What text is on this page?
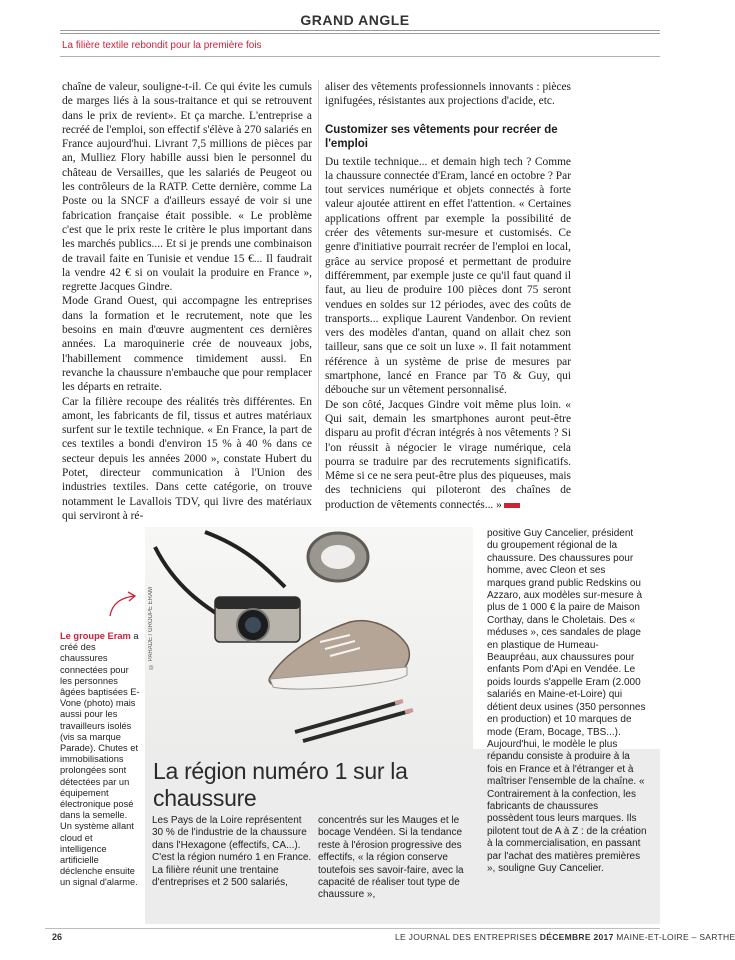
GRAND ANGLE
La filière textile rebondit pour la première fois

chaîne de valeur, souligne-t-il. Ce qui évite les cumuls de marges liés à la sous-traitance et qui se retrouvent dans le prix de revient». Et ça marche. L'entreprise a recréé de l'emploi, son effectif s'élève à 270 salariés en France aujourd'hui. Livrant 7,5 millions de pièces par an, Mulliez Flory habille aussi bien le personnel du château de Versailles, que les salariés de Peugeot ou les contrôleurs de la RATP. Cette dernière, comme La Poste ou la SNCF a d'ailleurs essayé de voir si une fabrication française était possible. « Le problème c'est que le prix reste le critère le plus important dans les marchés publics.... Et si je prends une combinaison de travail faite en Tunisie et vendue 15 €... Il faudrait la vendre 42 € si on voulait la produire en France », regrette Jacques Gindre.

Mode Grand Ouest, qui accompagne les entreprises dans la formation et le recrutement, note que les besoins en main d'œuvre augmentent ces dernières années. La maroquinerie crée de nouveaux jobs, l'habillement commence timidement aussi. En revanche la chaussure n'embauche que pour remplacer les départs en retraite.

Car la filière recoupe des réalités très différentes. En amont, les fabricants de fil, tissus et autres matériaux surfent sur le textile technique. « En France, la part de ces textiles a bondi d'environ 15 % à 40 % dans ce secteur depuis les années 2000 », constate Hubert du Potet, directeur communication à l'Union des industries textiles. Dans cette catégorie, on trouve notamment le Lavallois TDV, qui livre des matériaux qui serviront à ré-

aliser des vêtements professionnels innovants : pièces ignifugées, résistantes aux projections d'acide, etc.

Customizer ses vêtements pour recréer de l'emploi

Du textile technique... et demain high tech ? Comme la chaussure connectée d'Eram, lancé en octobre ? Par tout services numérique et objets connectés à forte valeur ajoutée attirent en effet l'attention. « Certaines applications offrent par exemple la possibilité de créer des vêtements sur-mesure et customisés. Ce genre d'initiative pourrait recréer de l'emploi en local, grâce au service proposé et permettant de produire différemment, par exemple juste ce qu'il faut quand il faut, au lieu de produire 100 pièces dont 75 seront vendues en soldes sur 12 périodes, avec des coûts de transports... explique Laurent Vandenbor. On revient vers des modèles d'antan, quand on allait chez son tailleur, sans que ce soit un luxe ». Il fait notamment référence à un système de prise de mesures par smartphone, lancé en France par Tō & Guy, qui débouche sur un vêtement personnalisé.

De son côté, Jacques Gindre voit même plus loin. « Qui sait, demain les smartphones auront peut-être disparu au profit d'écran intégrés à nos vêtements ? Si l'on réussit à négocier le virage numérique, cela pourra se traduire par des recrutements significatifs. Même si ce ne sera peut-être plus des piqueuses, mais des techniciens qui piloteront des chaînes de production de vêtements connectés... »

© PARADE / GROUPE ERAM
Le groupe Eram a créé des chaussures connectées pour les personnes âgées baptisées E-Vone (photo) mais aussi pour les travailleurs isolés (vis sa marque Parade). Chutes et immobilisations prolongées sont détectées par un équipement électronique posé dans la semelle. Un système allant cloud et intelligence artificielle déclenche ensuite un signal d'alarme.
La région numéro 1 sur la chaussure

Les Pays de la Loire représentent 30 % de l'industrie de la chaussure dans l'Hexagone (effectifs, CA...). C'est la région numéro 1 en France. La filière réunit une trentaine d'entreprises et 2 500 salariés,

concentrés sur les Mauges et le bocage Vendéen. Si la tendance reste à l'érosion progressive des effectifs, « la région conserve toutefois ses savoir-faire, avec la capacité de réaliser tout type de chaussure »,

positive Guy Cancelier, président du groupement régional de la chaussure. Des chaussures pour homme, avec Cleon et ses marques grand public Redskins ou Azzaro, aux modèles sur-mesure à plus de 1 000 € la paire de Maison Corthay, dans le Choletais. Des « méduses », ces sandales de plage en plastique de Humeau-Beaupréau, aux chaussures pour enfants Pom d'Api en Vendée. Le poids lourds s'appelle Eram (2.000 salariés en Maine-et-Loire) qui détient deux usines (350 personnes en production) et 10 marques de mode (Eram, Bocage, TBS...). Aujourd'hui, le modèle le plus répandu consiste à produire à la fois en France et à l'étranger et à maîtriser l'ensemble de la chaîne. « Contrairement à la confection, les fabricants de chaussures possèdent tous leurs marques. Ils pilotent tout de A à Z : de la création à la commercialisation, en passant par l'achat des matières premières », souligne Guy Cancelier.

26	LE JOURNAL DES ENTREPRISES DÉCEMBRE 2017 MAINE-ET-LOIRE – SARTHE
